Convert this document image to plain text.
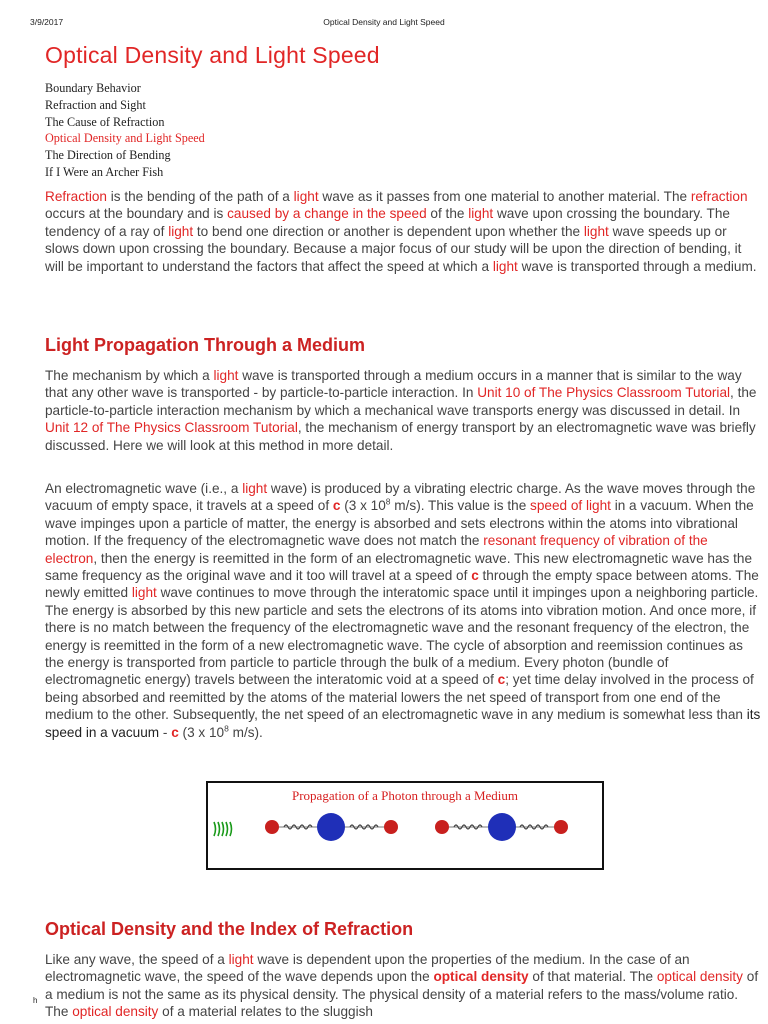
3/9/2017	Optical Density and Light Speed
Optical Density and Light Speed
Boundary Behavior
Refraction and Sight
The Cause of Refraction
Optical Density and Light Speed
The Direction of Bending
If I Were an Archer Fish

Refraction is the bending of the path of a light wave as it passes from one material to another material. The refraction occurs at the boundary and is caused by a change in the speed of the light wave upon crossing the boundary. The tendency of a ray of light to bend one direction or another is dependent upon whether the light wave speeds up or slows down upon crossing the boundary. Because a major focus of our study will be upon the direction of bending, it will be important to understand the factors that affect the speed at which a light wave is transported through a medium.

Light Propagation Through a Medium

The mechanism by which a light wave is transported through a medium occurs in a manner that is similar to the way that any other wave is transported - by particle-to-particle interaction. In Unit 10 of The Physics Classroom Tutorial, the particle-to-particle interaction mechanism by which a mechanical wave transports energy was discussed in detail. In Unit 12 of The Physics Classroom Tutorial, the mechanism of energy transport by an electromagnetic wave was briefly discussed. Here we will look at this method in more detail.

An electromagnetic wave (i.e., a light wave) is produced by a vibrating electric charge. As the wave moves through the vacuum of empty space, it travels at a speed of c (3 x $10^8$ m/s). This value is the speed of light in a vacuum. When the wave impinges upon a particle of matter, the energy is absorbed and sets electrons within the atoms into vibrational motion. If the frequency of the electromagnetic wave does not match the resonant frequency of vibration of the electron, then the energy is reemitted in the form of an electromagnetic wave. This new electromagnetic wave has the same frequency as the original wave and it too will travel at a speed of c through the empty space between atoms. The newly emitted light wave continues to move through the interatomic space until it impinges upon a neighboring particle. The energy is absorbed by this new particle and sets the electrons of its atoms into vibration motion. And once more, if there is no match between the frequency of the electromagnetic wave and the resonant frequency of the electron, the energy is reemitted in the form of a new electromagnetic wave. The cycle of absorption and reemission continues as the energy is transported from particle to particle through the bulk of a medium. Every photon (bundle of electromagnetic energy) travels between the interatomic void at a speed of c; yet time delay involved in the process of being absorbed and reemitted by the atoms of the material lowers the net speed of transport from one end of the medium to the other. Subsequently, the net speed of an electromagnetic wave in any medium is somewhat less than its speed in a vacuum - c (3 x $10^8$ m/s).

Propagation of a Photon through a Medium
Optical Density and the Index of Refraction

Like any wave, the speed of a light wave is dependent upon the properties of the medium. In the case of an electromagnetic wave, the speed of the wave depends upon the optical density of that material. The optical density of a medium is not the same as its physical density. The physical density of a material refers to the mass/volume ratio. The optical density of a material relates to the sluggish

h
